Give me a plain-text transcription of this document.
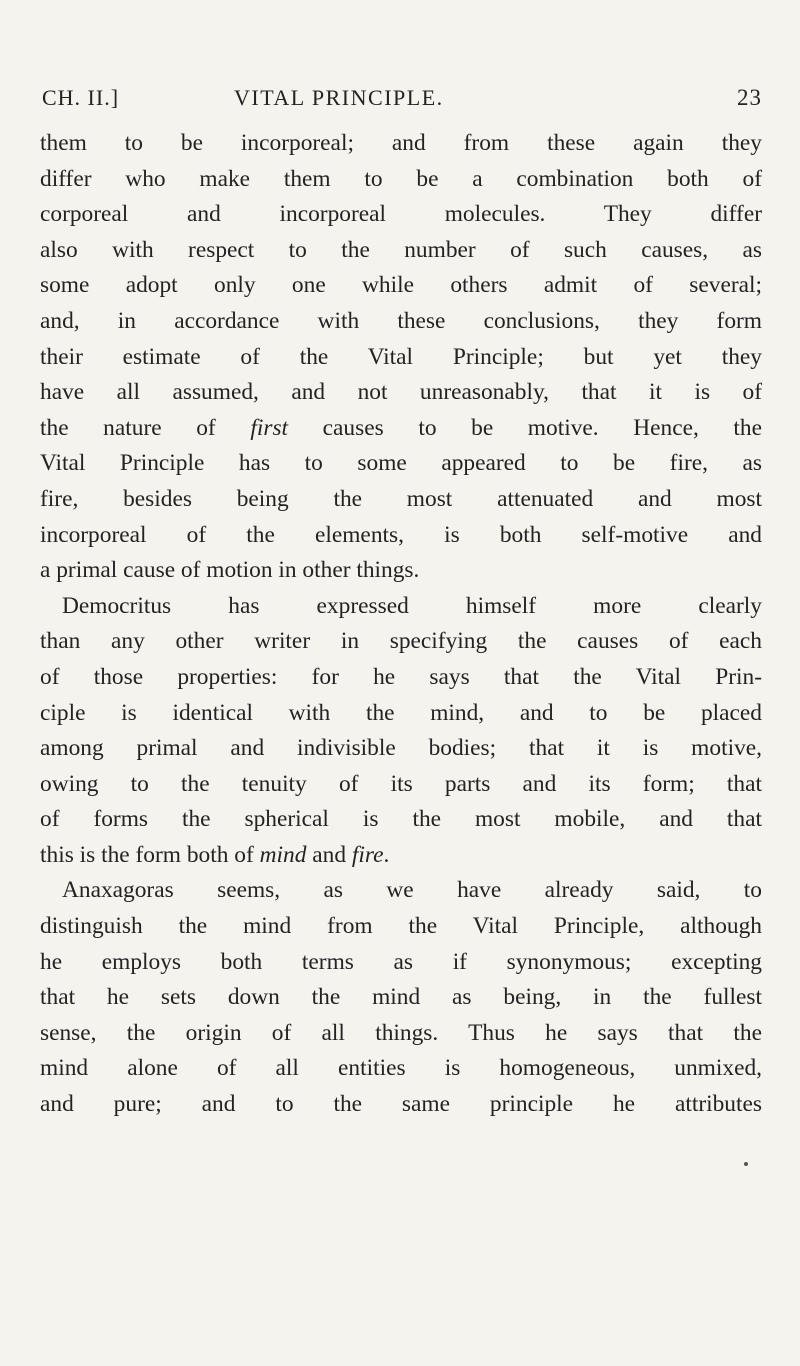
CH. II.]	VITAL PRINCIPLE.	23
them to be incorporeal; and from these again they
differ who make them to be a combination both of
corporeal and incorporeal molecules. They differ
also with respect to the number of such causes, as
some adopt only one while others admit of several;
and, in accordance with these conclusions, they form
their estimate of the Vital Principle; but yet they
have all assumed, and not unreasonably, that it is of
the nature of first causes to be motive. Hence, the
Vital Principle has to some appeared to be fire, as
fire, besides being the most attenuated and most
incorporeal of the elements, is both self-motive and
a primal cause of motion in other things.
Democritus has expressed himself more clearly
than any other writer in specifying the causes of each
of those properties: for he says that the Vital Prin-
ciple is identical with the mind, and to be placed
among primal and indivisible bodies; that it is motive,
owing to the tenuity of its parts and its form; that
of forms the spherical is the most mobile, and that
this is the form both of mind and fire.
Anaxagoras seems, as we have already said, to
distinguish the mind from the Vital Principle, although
he employs both terms as if synonymous; excepting
that he sets down the mind as being, in the fullest
sense, the origin of all things. Thus he says that the
mind alone of all entities is homogeneous, unmixed,
and pure; and to the same principle he attributes
